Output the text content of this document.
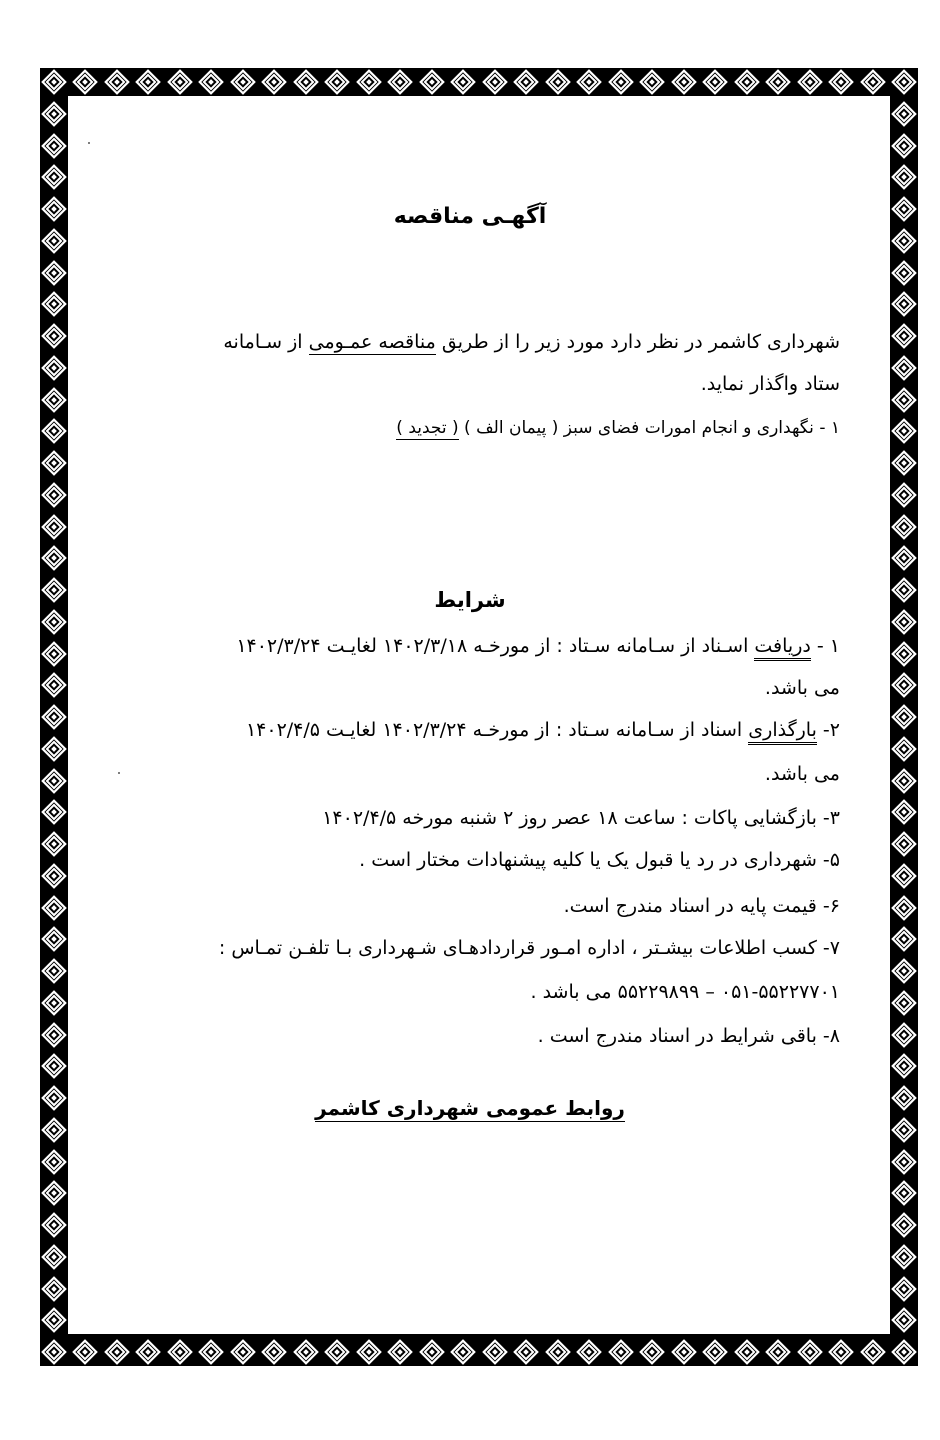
آگهـی مناقصه
شهرداری کاشمر در نظر دارد مورد زیر را از طریق مناقصه عمـومی از سـامانه
ستاد واگذار نماید.
۱ - نگهداری و انجام امورات فضای سبز ( پیمان الف ) ( تجدید )
شرایط
۱ - دریافت اسـناد از سـامانه سـتاد : از مورخـه ۱۴۰۲/۳/۱۸ لغایـت ۱۴۰۲/۳/۲۴
می باشد.
۲- بارگذاری اسناد از سـامانه سـتاد : از مورخـه ۱۴۰۲/۳/۲۴ لغایـت ۱۴۰۲/۴/۵
می باشد.
۳- بازگشایی پاکات : ساعت ۱۸ عصر روز ۲ شنبه مورخه ۱۴۰۲/۴/۵
۵- شهرداری در رد یا قبول یک یا کلیه پیشنهادات مختار است .
۶- قیمت پایه در اسناد مندرج است.
۷- کسب اطلاعات بیشـتر ، اداره امـور قراردادهـای شـهرداری بـا تلفـن تمـاس :
۰۵۱-۵۵۲۲۷۷۰۱ – ۵۵۲۲۹۸۹۹ می باشد .
۸- باقی شرایط در اسناد مندرج است .
روابط عمومی شهرداری کاشمر
